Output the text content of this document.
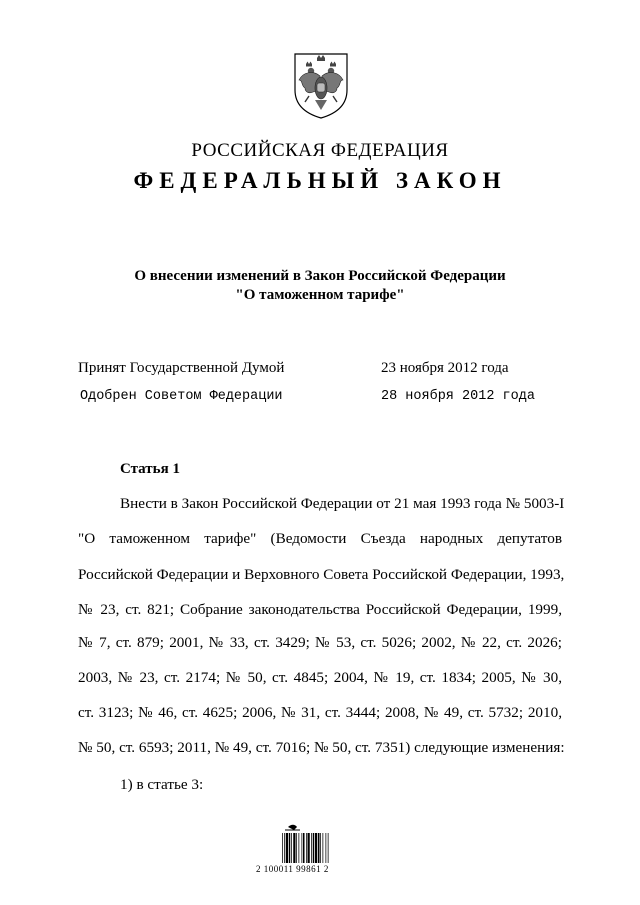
РОССИЙСКАЯ ФЕДЕРАЦИЯ
ФЕДЕРАЛЬНЫЙ ЗАКОН
О внесении изменений в Закон Российской Федерации
"О таможенном тарифе"
Принят Государственной Думой	23 ноября 2012 года
Одобрен Советом Федерации	28 ноября 2012 года
Статья 1
Внести в Закон Российской Федерации от 21 мая 1993 года № 5003-I
"О таможенном тарифе" (Ведомости Съезда народных депутатов
Российской Федерации и Верховного Совета Российской Федерации, 1993,
№ 23, ст. 821; Собрание законодательства Российской Федерации, 1999,
№ 7, ст. 879; 2001, № 33, ст. 3429; № 53, ст. 5026; 2002, № 22, ст. 2026;
2003, № 23, ст. 2174; № 50, ст. 4845; 2004, № 19, ст. 1834; 2005, № 30,
ст. 3123; № 46, ст. 4625; 2006, № 31, ст. 3444; 2008, № 49, ст. 5732; 2010,
№ 50, ст. 6593; 2011, № 49, ст. 7016; № 50, ст. 7351) следующие изменения:
1) в статье 3:
2 100011 99861 2
